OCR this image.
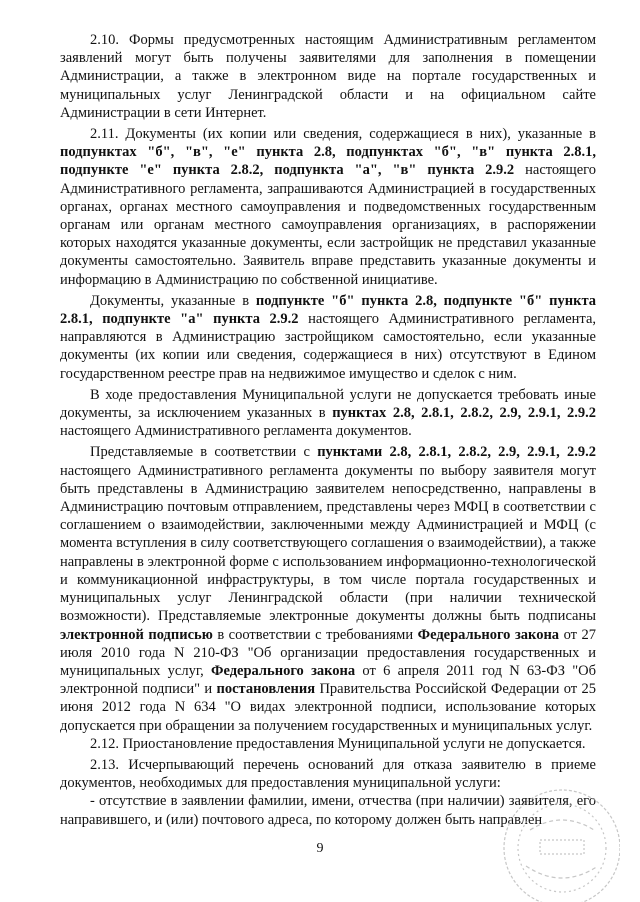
2.10. Формы предусмотренных настоящим Административным регламентом заявлений могут быть получены заявителями для заполнения в помещении Администрации, а также в электронном виде на портале государственных и муниципальных услуг Ленинградской области и на официальном сайте Администрации в сети Интернет.

2.11. Документы (их копии или сведения, содержащиеся в них), указанные в подпунктах "б", "в", "е" пункта 2.8, подпунктах "б", "в" пункта 2.8.1, подпункте "е" пункта 2.8.2, подпункта "а", "в" пункта 2.9.2 настоящего Административного регламента, запрашиваются Администрацией в государственных органах, органах местного самоуправления и подведомственных государственным органам или органам местного самоуправления организациях, в распоряжении которых находятся указанные документы, если застройщик не представил указанные документы самостоятельно. Заявитель вправе представить указанные документы и информацию в Администрацию по собственной инициативе.

Документы, указанные в подпункте "б" пункта 2.8, подпункте "б" пункта 2.8.1, подпункте "а" пункта 2.9.2 настоящего Административного регламента, направляются в Администрацию застройщиком самостоятельно, если указанные документы (их копии или сведения, содержащиеся в них) отсутствуют в Едином государственном реестре прав на недвижимое имущество и сделок с ним.

В ходе предоставления Муниципальной услуги не допускается требовать иные документы, за исключением указанных в пунктах 2.8, 2.8.1, 2.8.2, 2.9, 2.9.1, 2.9.2 настоящего Административного регламента документов.

Представляемые в соответствии с пунктами 2.8, 2.8.1, 2.8.2, 2.9, 2.9.1, 2.9.2 настоящего Административного регламента документы по выбору заявителя могут быть представлены в Администрацию заявителем непосредственно, направлены в Администрацию почтовым отправлением, представлены через МФЦ в соответствии с соглашением о взаимодействии, заключенными между Администрацией и МФЦ (с момента вступления в силу соответствующего соглашения о взаимодействии), а также направлены в электронной форме с использованием информационно-технологической и коммуникационной инфраструктуры, в том числе портала государственных и муниципальных услуг Ленинградской области (при наличии технической возможности). Представляемые электронные документы должны быть подписаны электронной подписью в соответствии с требованиями Федерального закона от 27 июля 2010 года N 210-ФЗ "Об организации предоставления государственных и муниципальных услуг, Федерального закона от 6 апреля 2011 год N 63-ФЗ "Об электронной подписи" и постановления Правительства Российской Федерации от 25 июня 2012 года N 634 "О видах электронной подписи, использование которых допускается при обращении за получением государственных и муниципальных услуг.

2.12. Приостановление предоставления Муниципальной услуги не допускается.

2.13. Исчерпывающий перечень оснований для отказа заявителю в приеме документов, необходимых для предоставления муниципальной услуги:

- отсутствие в заявлении фамилии, имени, отчества (при наличии) заявителя, его направившего, и (или) почтового адреса, по которому должен быть направлен

9
